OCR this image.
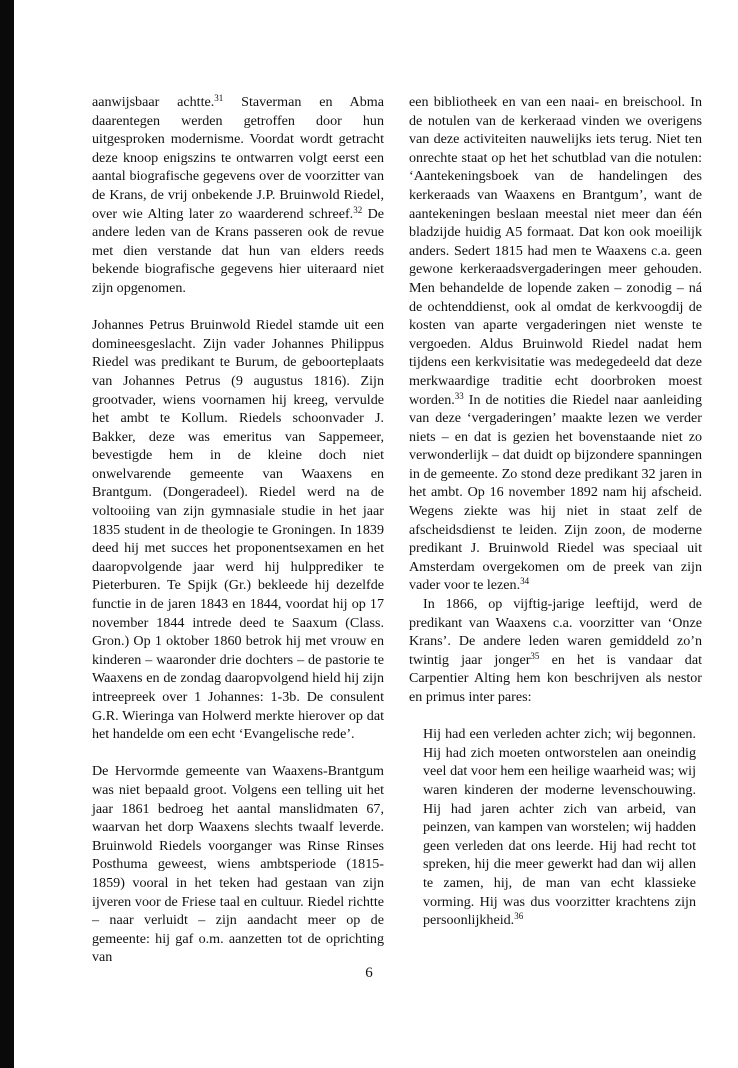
aanwijsbaar achtte.$^{31}$ Staverman en Abma daarentegen werden getroffen door hun uitgesproken modernisme. Voordat wordt getracht deze knoop enigszins te ontwarren volgt eerst een aantal biografische gegevens over de voorzitter van de Krans, de vrij onbekende J.P. Bruinwold Riedel, over wie Alting later zo waarderend schreef.$^{32}$ De andere leden van de Krans passeren ook de revue met dien verstande dat hun van elders reeds bekende biografische gegevens hier uiteraard niet zijn opgenomen.

Johannes Petrus Bruinwold Riedel stamde uit een domineesgeslacht. Zijn vader Johannes Philippus Riedel was predikant te Burum, de geboorteplaats van Johannes Petrus (9 augustus 1816). Zijn grootvader, wiens voornamen hij kreeg, vervulde het ambt te Kollum. Riedels schoonvader J. Bakker, deze was emeritus van Sappemeer, bevestigde hem in de kleine doch niet onwelvarende gemeente van Waaxens en Brantgum. (Dongeradeel). Riedel werd na de voltooiing van zijn gymnasiale studie in het jaar 1835 student in de theologie te Groningen. In 1839 deed hij met succes het proponentsexamen en het daaropvolgende jaar werd hij hulpprediker te Pieterburen. Te Spijk (Gr.) bekleede hij dezelfde functie in de jaren 1843 en 1844, voordat hij op 17 november 1844 intrede deed te Saaxum (Class. Gron.) Op 1 oktober 1860 betrok hij met vrouw en kinderen – waaronder drie dochters – de pastorie te Waaxens en de zondag daaropvolgend hield hij zijn intreepreek over 1 Johannes: 1-3b. De consulent G.R. Wieringa van Holwerd merkte hierover op dat het handelde om een echt ‘Evangelische rede’.

De Hervormde gemeente van Waaxens-Brantgum was niet bepaald groot. Volgens een telling uit het jaar 1861 bedroeg het aantal manslidmaten 67, waarvan het dorp Waaxens slechts twaalf leverde. Bruinwold Riedels voorganger was Rinse Rinses Posthuma geweest, wiens ambtsperiode (1815-1859) vooral in het teken had gestaan van zijn ijveren voor de Friese taal en cultuur. Riedel richtte – naar verluidt – zijn aandacht meer op de gemeente: hij gaf o.m. aanzetten tot de oprichting van

een bibliotheek en van een naai- en breischool. In de notulen van de kerkeraad vinden we overigens van deze activiteiten nauwelijks iets terug. Niet ten onrechte staat op het het schutblad van die notulen: ‘Aantekeningsboek van de handelingen des kerkeraads van Waaxens en Brantgum’, want de aantekeningen beslaan meestal niet meer dan één bladzijde huidig A5 formaat. Dat kon ook moeilijk anders. Sedert 1815 had men te Waaxens c.a. geen gewone kerkeraadsvergaderingen meer gehouden. Men behandelde de lopende zaken – zonodig – ná de ochtenddienst, ook al omdat de kerkvoogdij de kosten van aparte vergaderingen niet wenste te vergoeden. Aldus Bruinwold Riedel nadat hem tijdens een kerkvisitatie was medegedeeld dat deze merkwaardige traditie echt doorbroken moest worden.$^{33}$ In de notities die Riedel naar aanleiding van deze ‘vergaderingen’ maakte lezen we verder niets – en dat is gezien het bovenstaande niet zo verwonderlijk – dat duidt op bijzondere spanningen in de gemeente. Zo stond deze predikant 32 jaren in het ambt. Op 16 november 1892 nam hij afscheid. Wegens ziekte was hij niet in staat zelf de afscheidsdienst te leiden. Zijn zoon, de moderne predikant J. Bruinwold Riedel was speciaal uit Amsterdam overgekomen om de preek van zijn vader voor te lezen.$^{34}$

In 1866, op vijftig-jarige leeftijd, werd de predikant van Waaxens c.a. voorzitter van ‘Onze Krans’. De andere leden waren gemiddeld zo’n twintig jaar jonger$^{35}$ en het is vandaar dat Carpentier Alting hem kon beschrijven als nestor en primus inter pares:

Hij had een verleden achter zich; wij begonnen. Hij had zich moeten ontworstelen aan oneindig veel dat voor hem een heilige waarheid was; wij waren kinderen der moderne levenschouwing. Hij had jaren achter zich van arbeid, van peinzen, van kampen van worstelen; wij hadden geen verleden dat ons leerde. Hij had recht tot spreken, hij die meer gewerkt had dan wij allen te zamen, hij, de man van echt klassieke vorming. Hij was dus voorzitter krachtens zijn persoonlijkheid.$^{36}$

6
